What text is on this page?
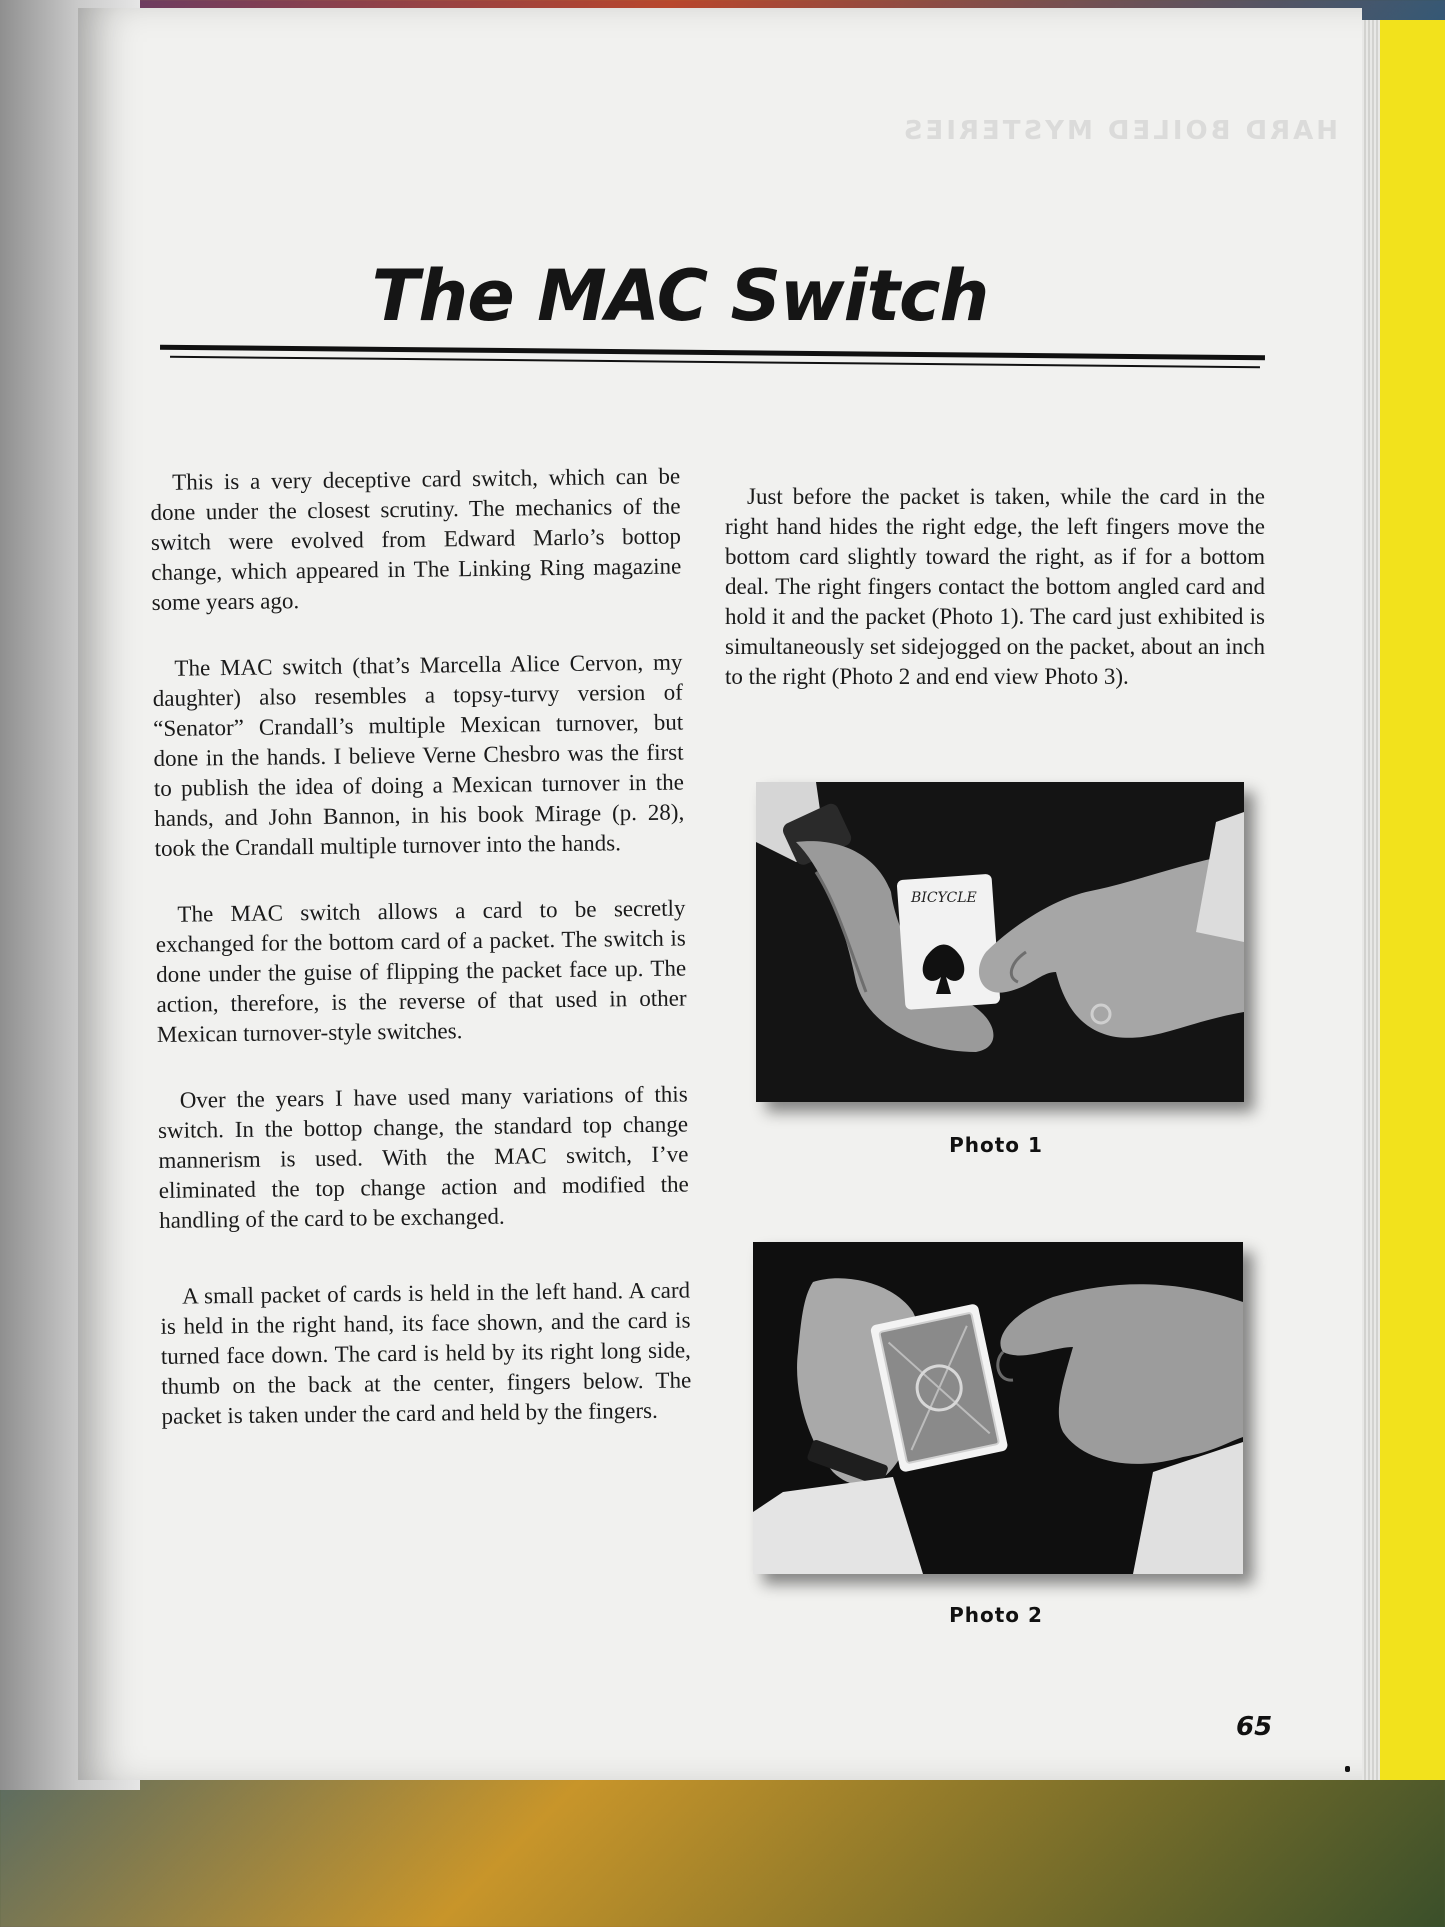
HARD BOILED MYSTERIES
The MAC Switch

This is a very deceptive card switch, which can be done under the closest scrutiny. The mechanics of the switch were evolved from Edward Marlo’s bottop change, which appeared in The Linking Ring magazine some years ago.

The MAC switch (that’s Marcella Alice Cervon, my daughter) also resembles a topsy-turvy version of “Senator” Crandall’s multiple Mexican turnover, but done in the hands. I believe Verne Chesbro was the first to publish the idea of doing a Mexican turnover in the hands, and John Bannon, in his book Mirage (p. 28), took the Crandall multiple turnover into the hands.

The MAC switch allows a card to be secretly exchanged for the bottom card of a packet. The switch is done under the guise of flipping the packet face up. The action, therefore, is the reverse of that used in other Mexican turnover-style switches.

Over the years I have used many variations of this switch. In the bottop change, the standard top change mannerism is used. With the MAC switch, I’ve eliminated the top change action and modified the handling of the card to be exchanged.

A small packet of cards is held in the left hand. A card is held in the right hand, its face shown, and the card is turned face down. The card is held by its right long side, thumb on the back at the center, fingers below. The packet is taken under the card and held by the fingers.

Just before the packet is taken, while the card in the right hand hides the right edge, the left fingers move the bottom card slightly toward the right, as if for a bottom deal. The right fingers contact the bottom angled card and hold it and the packet (Photo 1). The card just exhibited is simultaneously set sidejogged on the packet, about an inch to the right (Photo 2 and end view Photo 3).

BICYCLE
Photo 1
Photo 2
65
